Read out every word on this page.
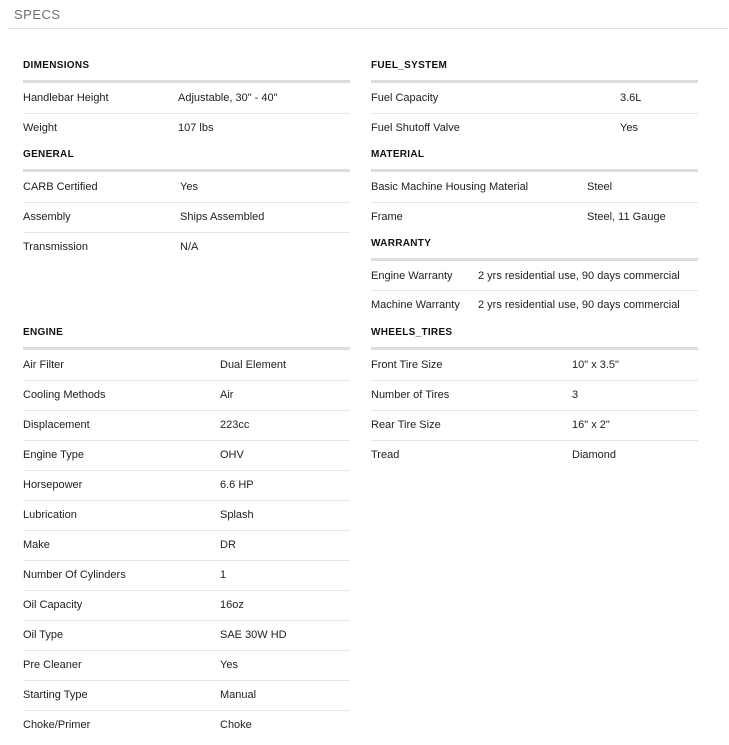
SPECS
DIMENSIONS
Handlebar Height	Adjustable, 30" - 40"
Weight	107 lbs
GENERAL
CARB Certified	Yes
Assembly	Ships Assembled
Transmission	N/A
ENGINE
Air Filter	Dual Element
Cooling Methods	Air
Displacement	223cc
Engine Type	OHV
Horsepower	6.6 HP
Lubrication	Splash
Make	DR
Number Of Cylinders	1
Oil Capacity	16oz
Oil Type	SAE 30W HD
Pre Cleaner	Yes
Starting Type	Manual
Choke/Primer	Choke
FUEL_SYSTEM
Fuel Capacity	3.6L
Fuel Shutoff Valve	Yes
MATERIAL
Basic Machine Housing Material	Steel
Frame	Steel, 11 Gauge
WARRANTY
Engine Warranty 2 yrs residential use, 90 days commercial
Machine Warranty 2 yrs residential use, 90 days commercial
WHEELS_TIRES
Front Tire Size	10" x 3.5"
Number of Tires	3
Rear Tire Size	16" x 2"
Tread	Diamond
